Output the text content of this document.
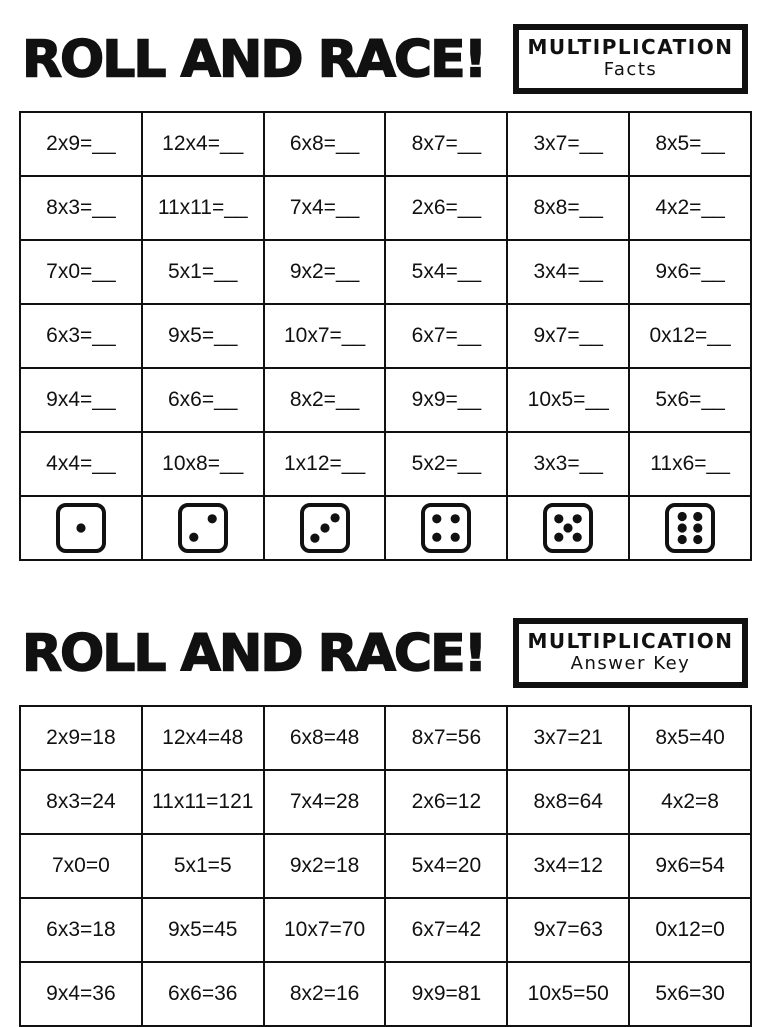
ROLL AND RACE!	MULTIPLICATION
Facts
2x9=__	12x4=__	6x8=__	8x7=__	3x7=__	8x5=__
8x3=__	11x11=__	7x4=__	2x6=__	8x8=__	4x2=__
7x0=__	5x1=__	9x2=__	5x4=__	3x4=__	9x6=__
6x3=__	9x5=__	10x7=__	6x7=__	9x7=__	0x12=__
9x4=__	6x6=__	8x2=__	9x9=__	10x5=__	5x6=__
4x4=__	10x8=__	1x12=__	5x2=__	3x3=__	11x6=__

ROLL AND RACE!	MULTIPLICATION
Answer Key
2x9=18	12x4=48	6x8=48	8x7=56	3x7=21	8x5=40
8x3=24	11x11=121	7x4=28	2x6=12	8x8=64	4x2=8
7x0=0	5x1=5	9x2=18	5x4=20	3x4=12	9x6=54
6x3=18	9x5=45	10x7=70	6x7=42	9x7=63	0x12=0
9x4=36	6x6=36	8x2=16	9x9=81	10x5=50	5x6=30
